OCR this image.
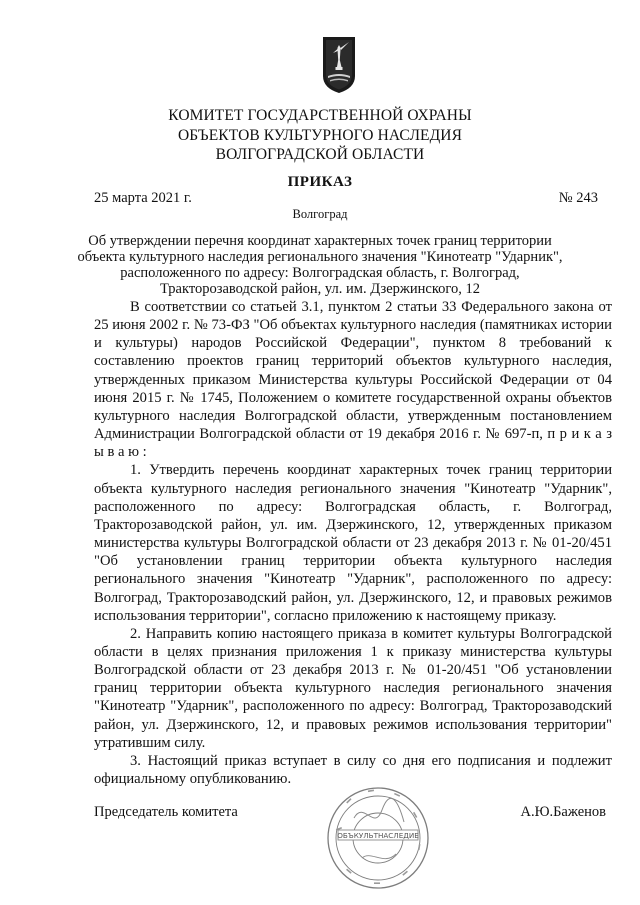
КОМИТЕТ ГОСУДАРСТВЕННОЙ ОХРАНЫ
ОБЪЕКТОВ КУЛЬТУРНОГО НАСЛЕДИЯ
ВОЛГОГРАДСКОЙ ОБЛАСТИ
ПРИКАЗ
25 марта 2021 г.	№ 243
Волгоград
Об утверждении перечня координат характерных точек границ территории
объекта культурного наследия регионального значения "Кинотеатр "Ударник",
расположенного по адресу: Волгоградская область, г. Волгоград,
Тракторозаводской район, ул. им. Дзержинского, 12

В соответствии со статьей 3.1, пунктом 2 статьи 33 Федерального закона от 25 июня 2002 г. № 73-ФЗ "Об объектах культурного наследия (памятниках истории и культуры) народов Российской Федерации", пунктом 8 требований к составлению проектов границ территорий объектов культурного наследия, утвержденных приказом Министерства культуры Российской Федерации от 04 июня 2015 г. № 1745, Положением о комитете государственной охраны объектов культурного наследия Волгоградской области, утвержденным постановлением Администрации Волгоградской области от 19 декабря 2016 г. № 697-п, п р и к а з ы в а ю :

1. Утвердить перечень координат характерных точек границ территории объекта культурного наследия регионального значения "Кинотеатр "Ударник", расположенного по адресу: Волгоградская область, г. Волгоград, Тракторозаводской район, ул. им. Дзержинского, 12, утвержденных приказом министерства культуры Волгоградской области от 23 декабря 2013 г. № 01-20/451 "Об установлении границ территории объекта культурного наследия регионального значения "Кинотеатр "Ударник", расположенного по адресу: Волгоград, Тракторозаводский район, ул. Дзержинского, 12, и правовых режимов использования территории", согласно приложению к настоящему приказу.

2. Направить копию настоящего приказа в комитет культуры Волгоградской области в целях признания приложения 1 к приказу министерства культуры Волгоградской области от 23 декабря 2013 г. № 01-20/451 "Об установлении границ территории объекта культурного наследия регионального значения "Кинотеатр "Ударник", расположенного по адресу: Волгоград, Тракторозаводский район, ул. Дзержинского, 12, и правовых режимов использования территории" утратившим силу.

3. Настоящий приказ вступает в силу со дня его подписания и подлежит официальному опубликованию.

Председатель комитета	А.Ю.Баженов
ОБЪКУЛЬТНАСЛЕДИЕ
